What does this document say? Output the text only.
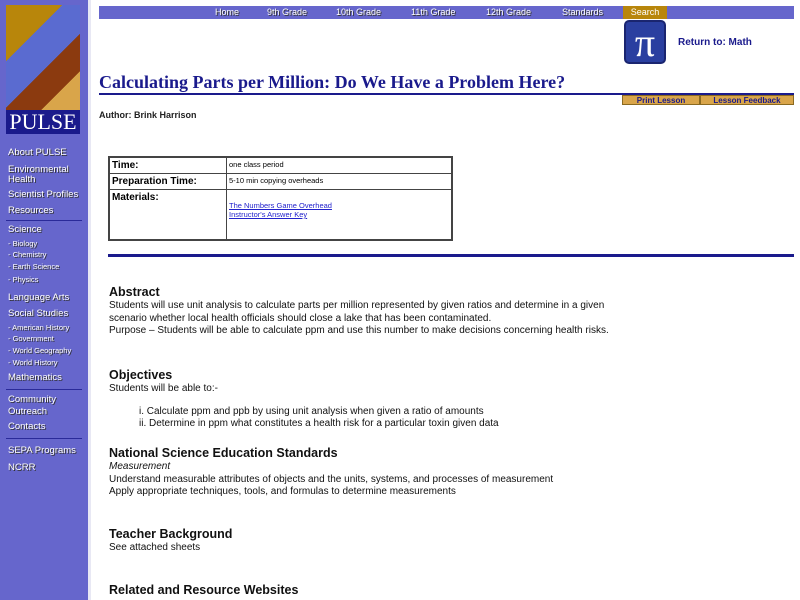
PULSE
About PULSE
Environmental Health
Scientist Profiles
Resources
Science
- Biology
- Chemistry
- Earth Science
- Physics
Language Arts
Social Studies
- American History
- Government
- World Geography
- World History
Mathematics
Community Outreach
Contacts
SEPA Programs
NCRR
Home	9th Grade	10th Grade	11th Grade	12th Grade	Standards	Search
π	Return to: Math
Calculating Parts per Million: Do We Have a Problem Here?
Print Lesson	Lesson Feedback
Author: Brink Harrison
Time:	one class period
Preparation Time:	5-10 min copying overheads
Materials:	The Numbers Game Overhead
Instructor's Answer Key
Abstract
Students will use unit analysis to calculate parts per million represented by given ratios and determine in a given
scenario whether local health officials should close a lake that has been contaminated.
Purpose – Students will be able to calculate ppm and use this number to make decisions concerning health risks.
Objectives
Students will be able to:-
i. Calculate ppm and ppb by using unit analysis when given a ratio of amounts
ii. Determine in ppm what constitutes a health risk for a particular toxin given data
National Science Education Standards
Measurement
Understand measurable attributes of objects and the units, systems, and processes of measurement
Apply appropriate techniques, tools, and formulas to determine measurements
Teacher Background
See attached sheets
Related and Resource Websites
